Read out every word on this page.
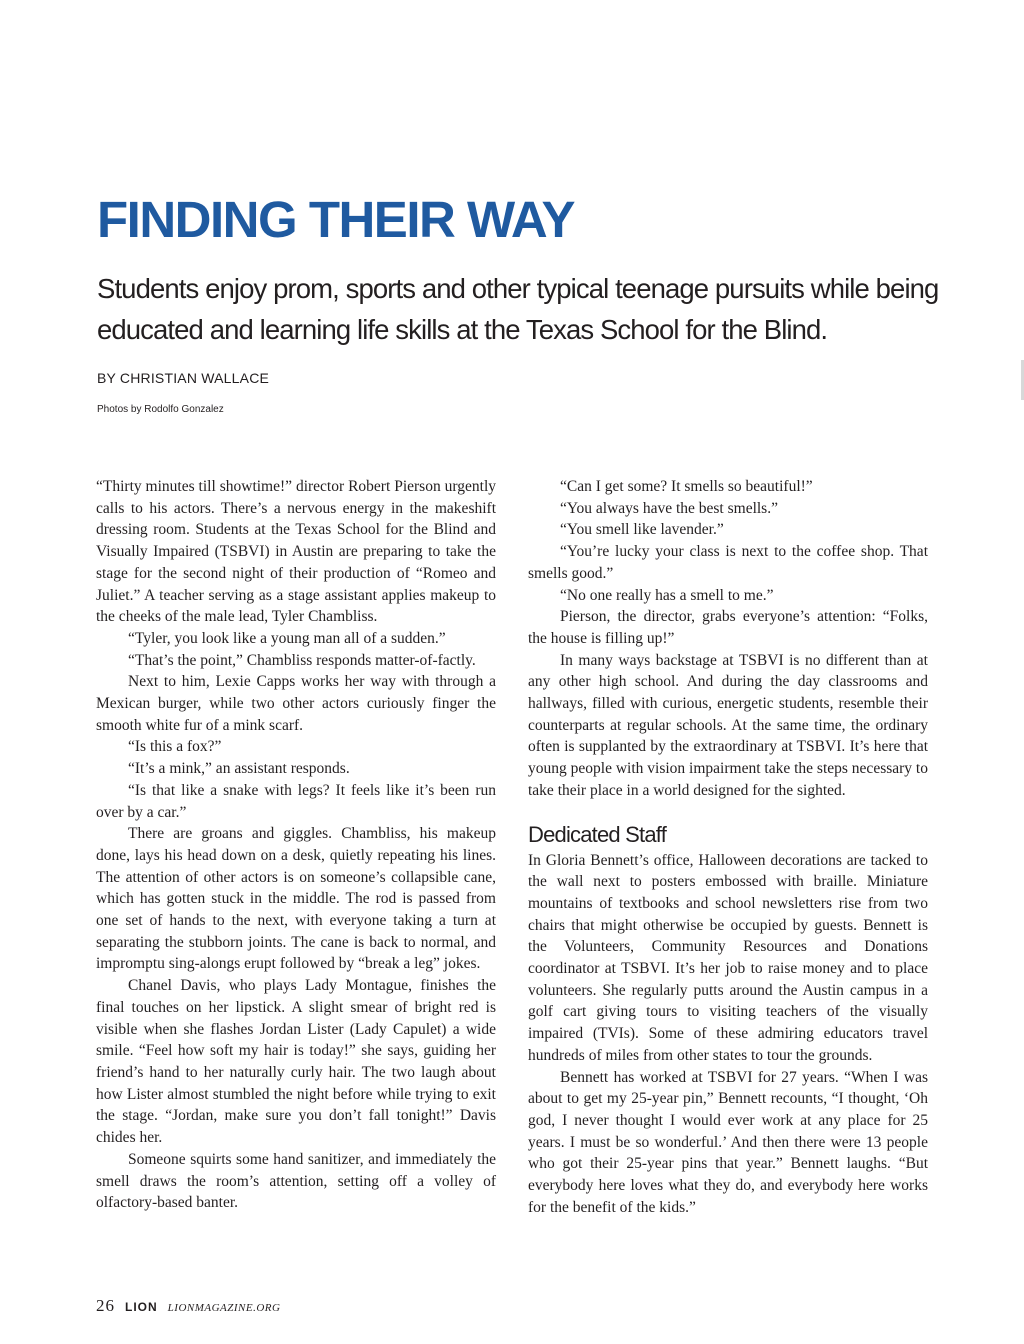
FINDING THEIR WAY

Students enjoy prom, sports and other typical teenage pursuits while being educated and learning life skills at the Texas School for the Blind.

BY CHRISTIAN WALLACE
Photos by Rodolfo Gonzalez

“Thirty minutes till showtime!” director Robert Pierson urgently calls to his actors. There’s a nervous energy in the makeshift dressing room. Students at the Texas School for the Blind and Visually Impaired (TSBVI) in Austin are preparing to take the stage for the second night of their production of “Romeo and Juliet.” A teacher serving as a stage assistant applies makeup to the cheeks of the male lead, Tyler Chambliss.

“Tyler, you look like a young man all of a sudden.”

“That’s the point,” Chambliss responds matter-of-factly.

Next to him, Lexie Capps works her way with through a Mexican burger, while two other actors curiously finger the smooth white fur of a mink scarf.

“Is this a fox?”

“It’s a mink,” an assistant responds.

“Is that like a snake with legs? It feels like it’s been run over by a car.”

There are groans and giggles. Chambliss, his makeup done, lays his head down on a desk, quietly repeating his lines. The attention of other actors is on someone’s collapsible cane, which has gotten stuck in the middle. The rod is passed from one set of hands to the next, with everyone taking a turn at separating the stubborn joints. The cane is back to normal, and impromptu sing-alongs erupt followed by “break a leg” jokes.

Chanel Davis, who plays Lady Montague, finishes the final touches on her lipstick. A slight smear of bright red is visible when she flashes Jordan Lister (Lady Capulet) a wide smile. “Feel how soft my hair is today!” she says, guiding her friend’s hand to her naturally curly hair. The two laugh about how Lister almost stumbled the night before while trying to exit the stage. “Jordan, make sure you don’t fall tonight!” Davis chides her.

Someone squirts some hand sanitizer, and immediately the smell draws the room’s attention, setting off a volley of olfactory-based banter.

“Can I get some? It smells so beautiful!”

“You always have the best smells.”

“You smell like lavender.”

“You’re lucky your class is next to the coffee shop. That smells good.”

“No one really has a smell to me.”

Pierson, the director, grabs everyone’s attention: “Folks, the house is filling up!”

In many ways backstage at TSBVI is no different than at any other high school. And during the day classrooms and hallways, filled with curious, energetic students, resemble their counterparts at regular schools. At the same time, the ordinary often is supplanted by the extraordinary at TSBVI. It’s here that young people with vision impairment take the steps necessary to take their place in a world designed for the sighted.

Dedicated Staff

In Gloria Bennett’s office, Halloween decorations are tacked to the wall next to posters embossed with braille. Miniature mountains of textbooks and school newsletters rise from two chairs that might otherwise be occupied by guests. Bennett is the Volunteers, Community Resources and Donations coordinator at TSBVI. It’s her job to raise money and to place volunteers. She regularly putts around the Austin campus in a golf cart giving tours to visiting teachers of the visually impaired (TVIs). Some of these admiring educators travel hundreds of miles from other states to tour the grounds.

Bennett has worked at TSBVI for 27 years. “When I was about to get my 25-year pin,” Bennett recounts, “I thought, ‘Oh god, I never thought I would ever work at any place for 25 years. I must be so wonderful.’ And then there were 13 people who got their 25-year pins that year.” Bennett laughs. “But everybody here loves what they do, and everybody here works for the benefit of the kids.”

26 LION LIONMAGAZINE.ORG
